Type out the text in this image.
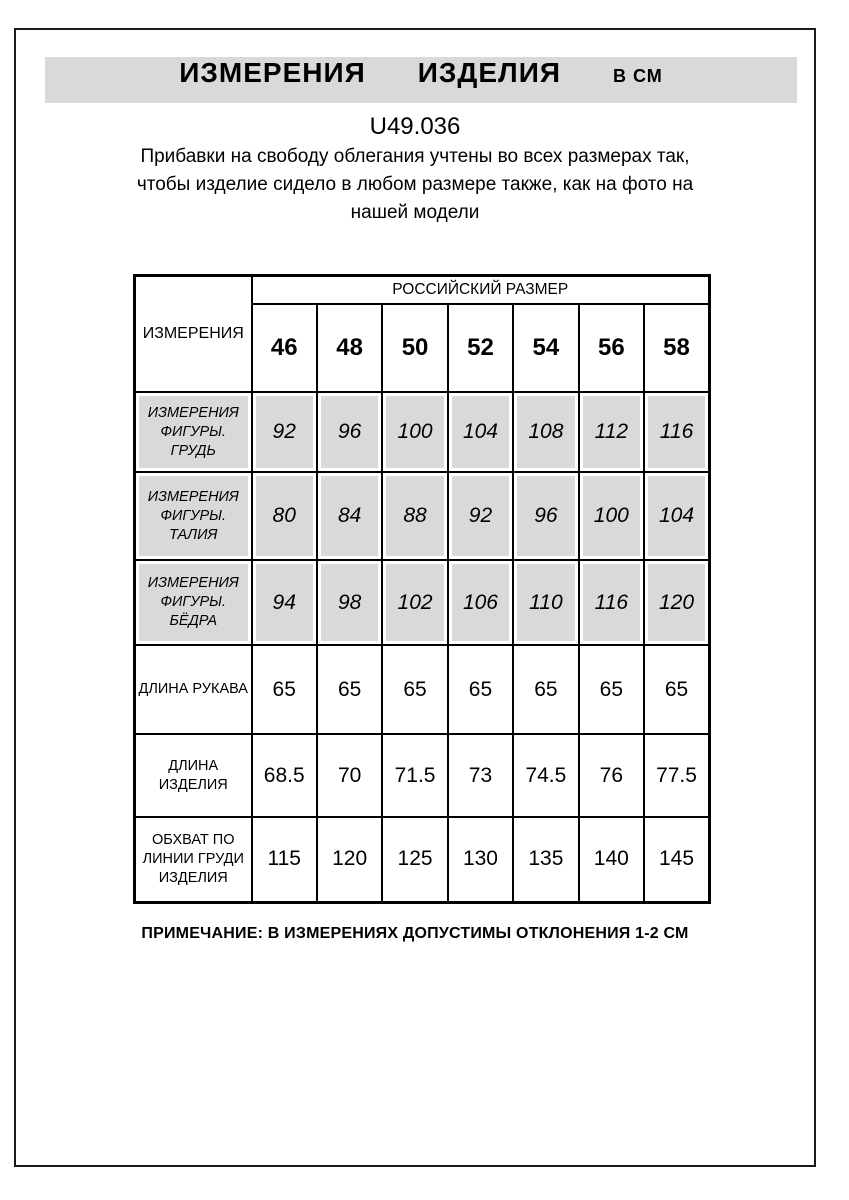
ИЗМЕРЕНИЯ ИЗДЕЛИЯ	В СМ
U49.036
Прибавки на свободу облегания учтены во всех размерах так,
чтобы изделие сидело в любом размере также, как на фото на
нашей модели
ИЗМЕРЕНИЯ	РОССИЙСКИЙ РАЗМЕР						
	46	48	50	52	54	56	58
ИЗМЕРЕНИЯ ФИГУРЫ. ГРУДЬ	92	96	100	104	108	112	116
ИЗМЕРЕНИЯ ФИГУРЫ. ТАЛИЯ	80	84	88	92	96	100	104
ИЗМЕРЕНИЯ ФИГУРЫ. БЁДРА	94	98	102	106	110	116	120
ДЛИНА РУКАВА	65	65	65	65	65	65	65
ДЛИНА ИЗДЕЛИЯ	68.5	70	71.5	73	74.5	76	77.5
ОБХВАТ ПО ЛИНИИ ГРУДИ ИЗДЕЛИЯ	115	120	125	130	135	140	145
ПРИМЕЧАНИЕ: В ИЗМЕРЕНИЯХ ДОПУСТИМЫ ОТКЛОНЕНИЯ 1-2 СМ
